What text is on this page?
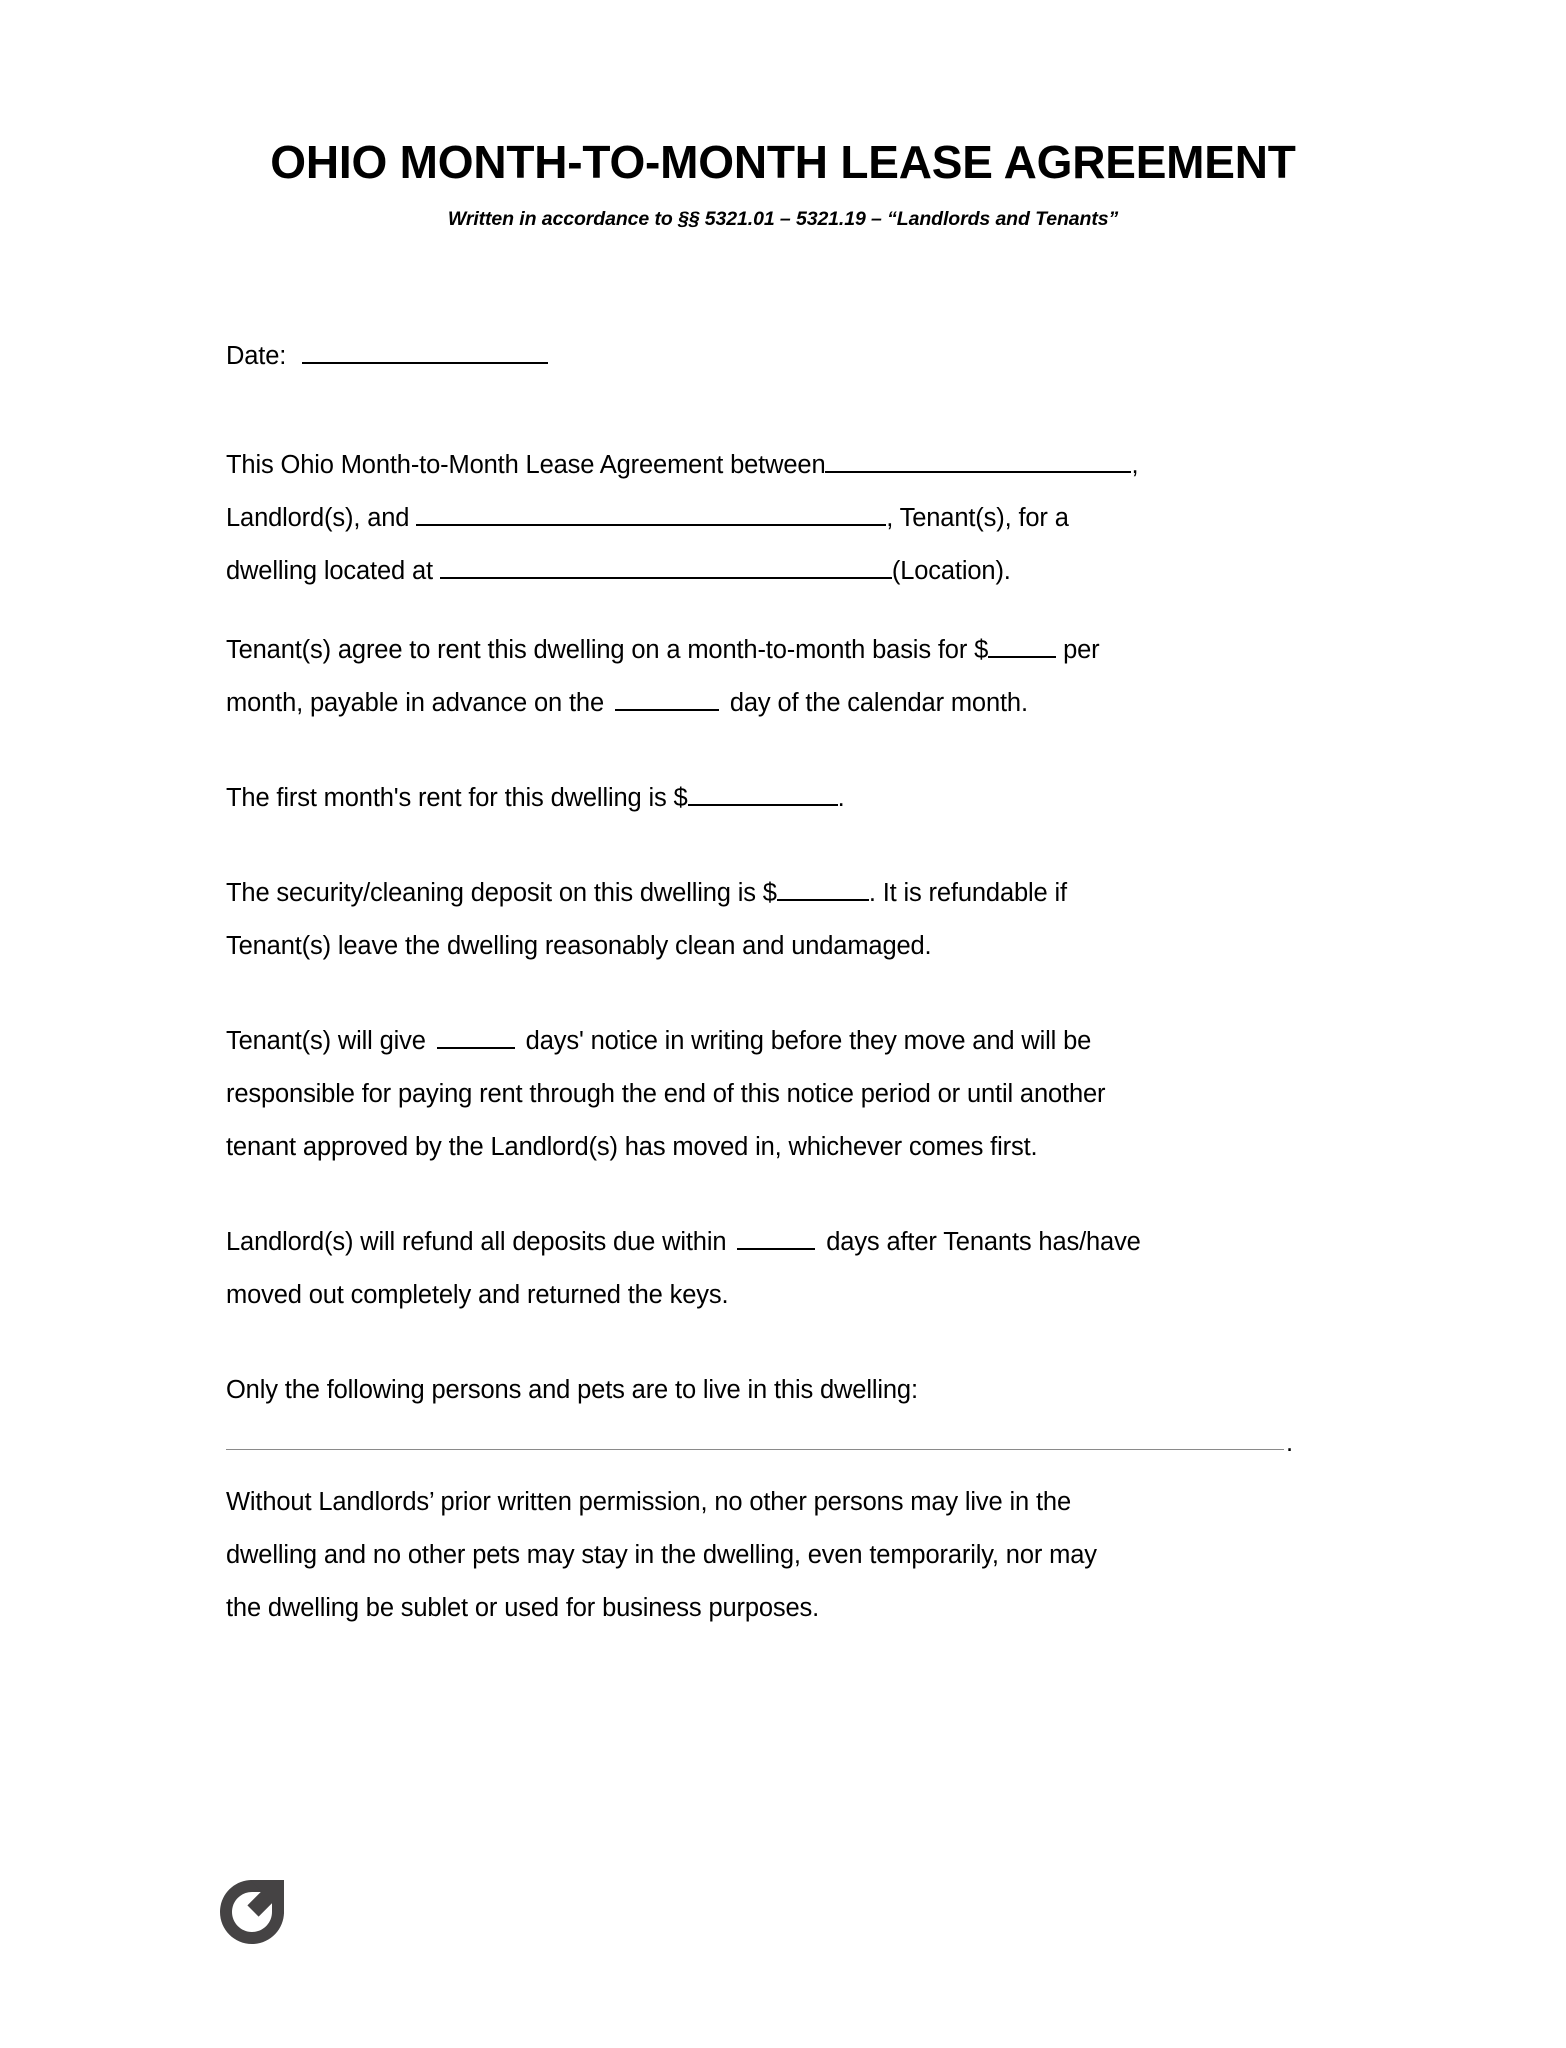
OHIO MONTH-TO-MONTH LEASE AGREEMENT
Written in accordance to §§ 5321.01 – 5321.19 – “Landlords and Tenants”

Date:

This Ohio Month-to-Month Lease Agreement between	,
Landlord(s), and	, Tenant(s), for a
dwelling located at	(Location).

Tenant(s) agree to rent this dwelling on a month-to-month basis for $	per
month, payable in advance on the	day of the calendar month.

The first month's rent for this dwelling is $	.

The security/cleaning deposit on this dwelling is $	. It is refundable if
Tenant(s) leave the dwelling reasonably clean and undamaged.

Tenant(s) will give	days' notice in writing before they move and will be
responsible for paying rent through the end of this notice period or until another
tenant approved by the Landlord(s) has moved in, whichever comes first.

Landlord(s) will refund all deposits due within	days after Tenants has/have
moved out completely and returned the keys.

Only the following persons and pets are to live in this dwelling:

.

Without Landlords’ prior written permission, no other persons may live in the
dwelling and no other pets may stay in the dwelling, even temporarily, nor may
the dwelling be sublet or used for business purposes.
